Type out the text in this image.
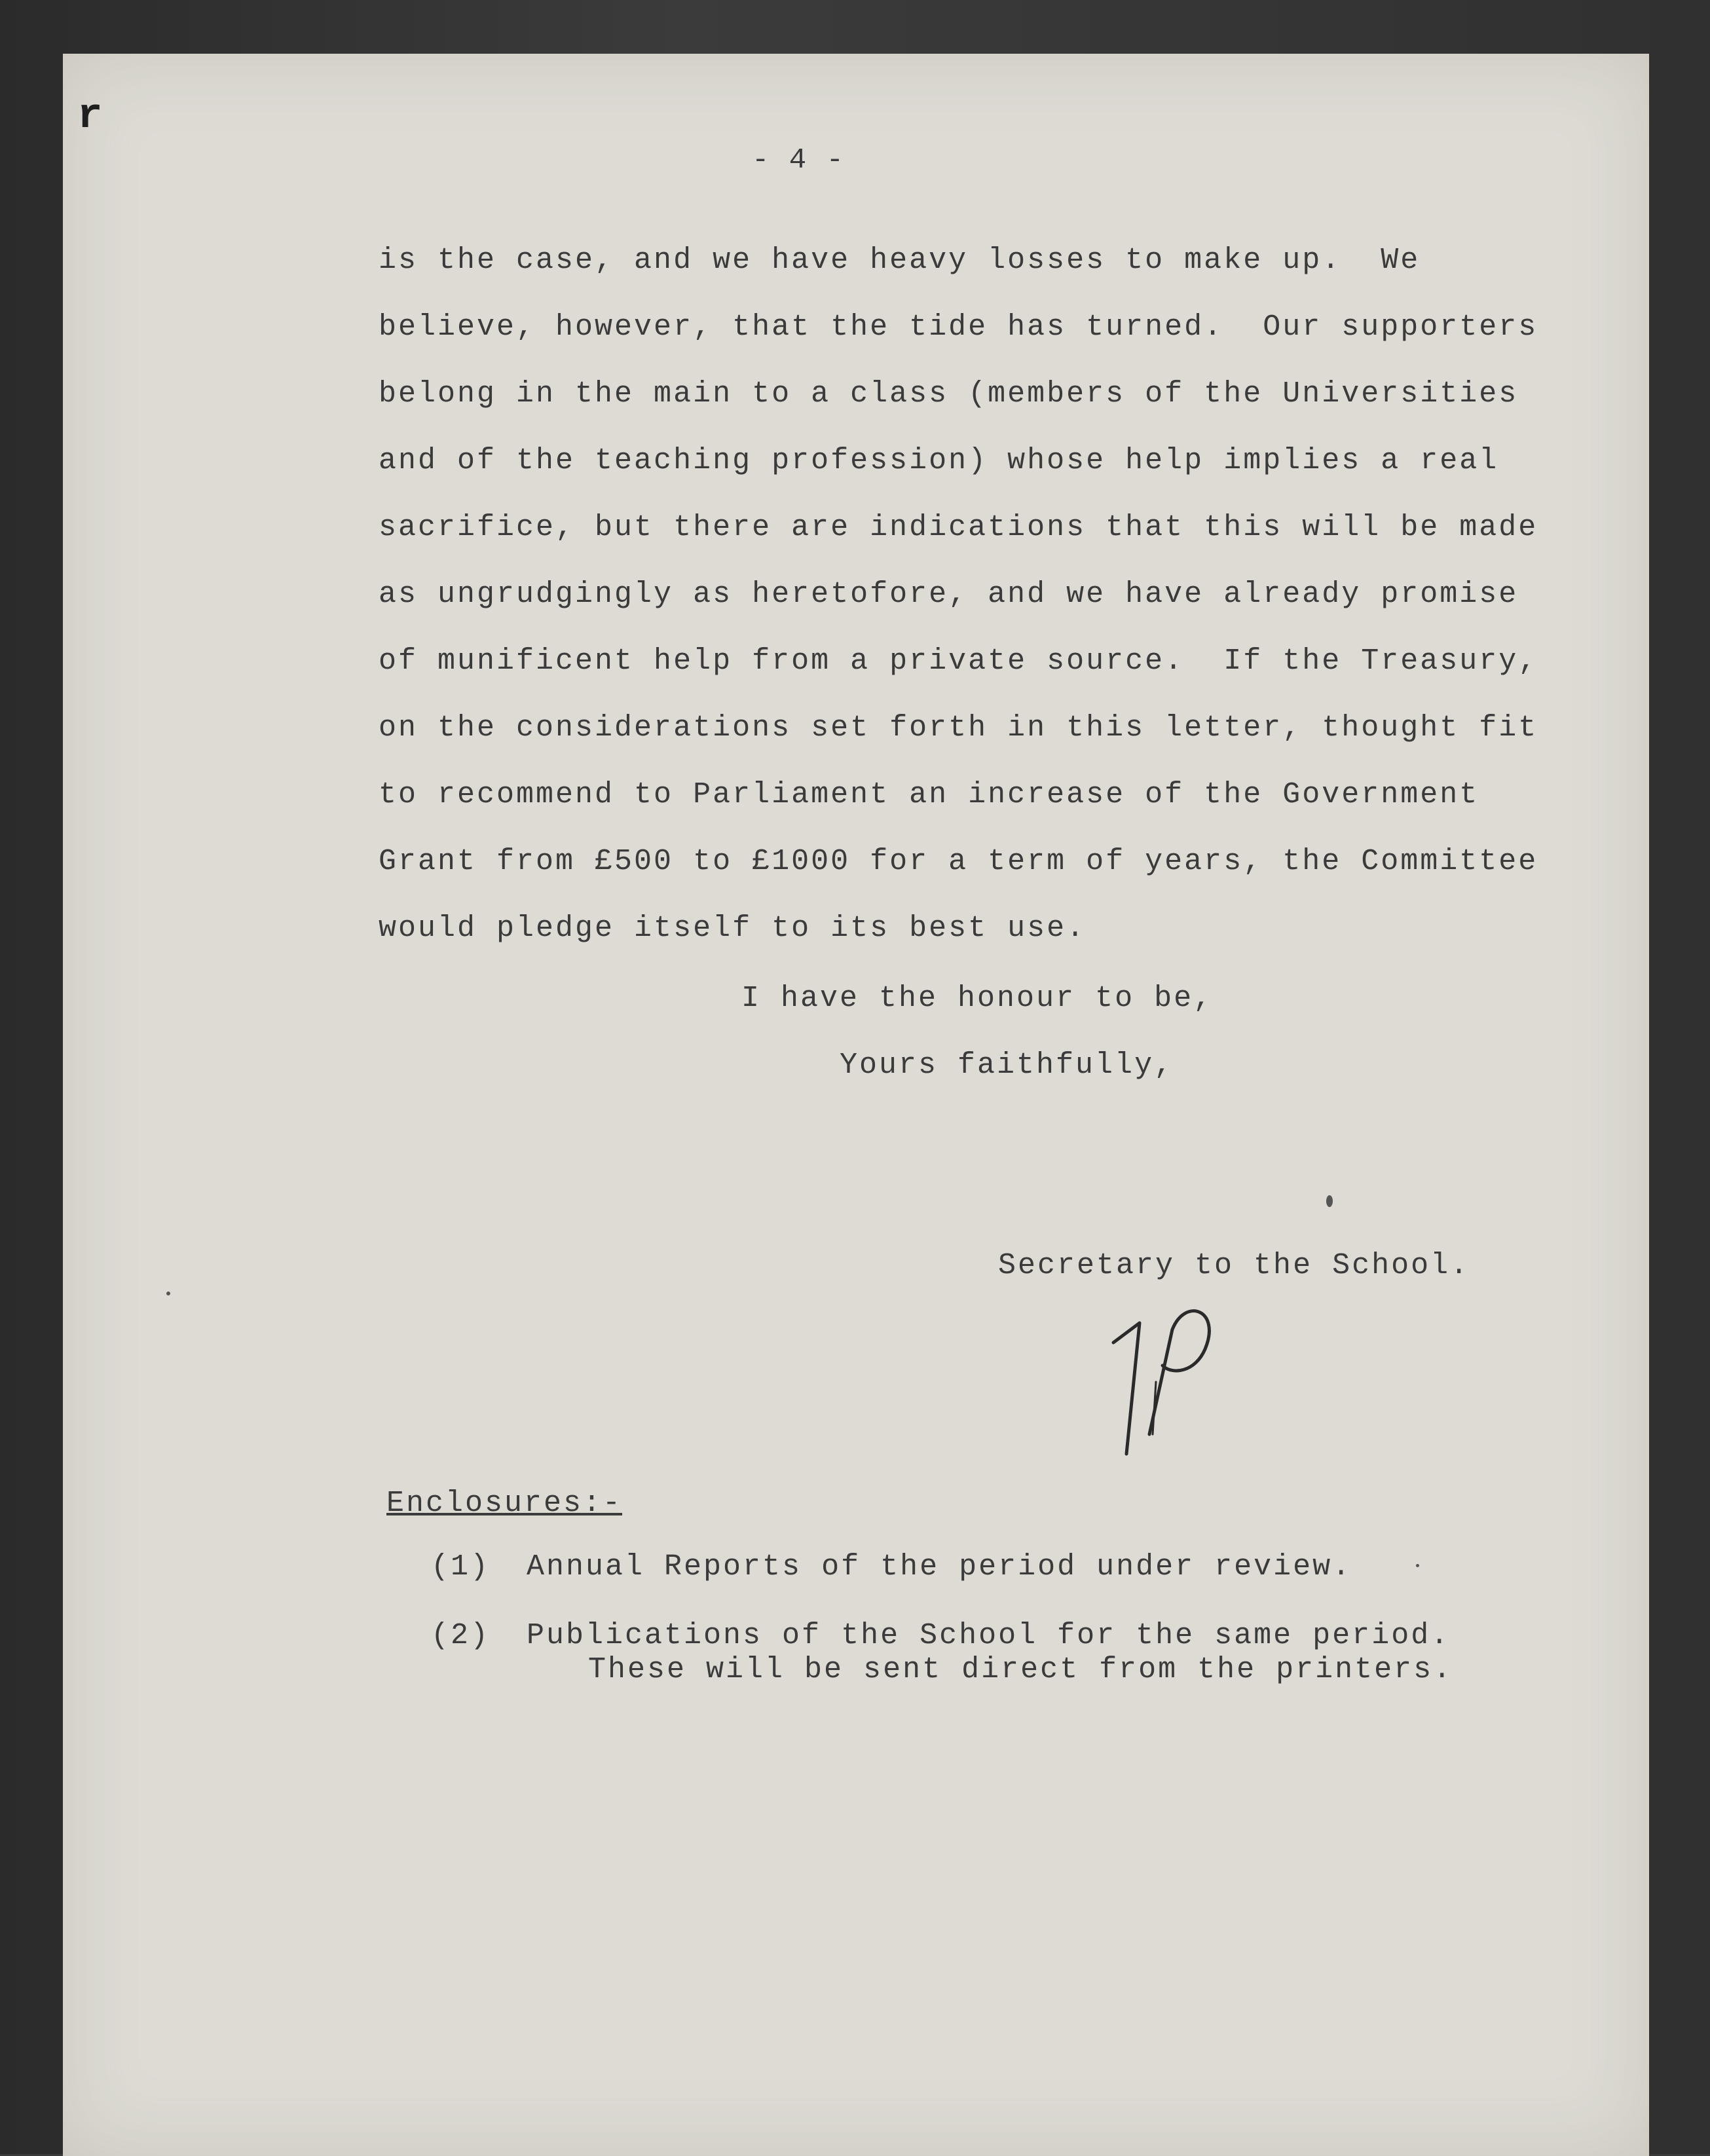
r
- 4 -
is the case, and we have heavy losses to make up.  We
believe, however, that the tide has turned.  Our supporters
belong in the main to a class (members of the Universities
and of the teaching profession) whose help implies a real
sacrifice, but there are indications that this will be made
as ungrudgingly as heretofore, and we have already promise
of munificent help from a private source.  If the Treasury,
on the considerations set forth in this letter, thought fit
to recommend to Parliament an increase of the Government
Grant from £500 to £1000 for a term of years, the Committee
would pledge itself to its best use.
I have the honour to be,
Yours faithfully,
Secretary to the School.
Enclosures:-
(1) Annual Reports of the period under review.
(2) Publications of the School for the same period.
These will be sent direct from the printers.
